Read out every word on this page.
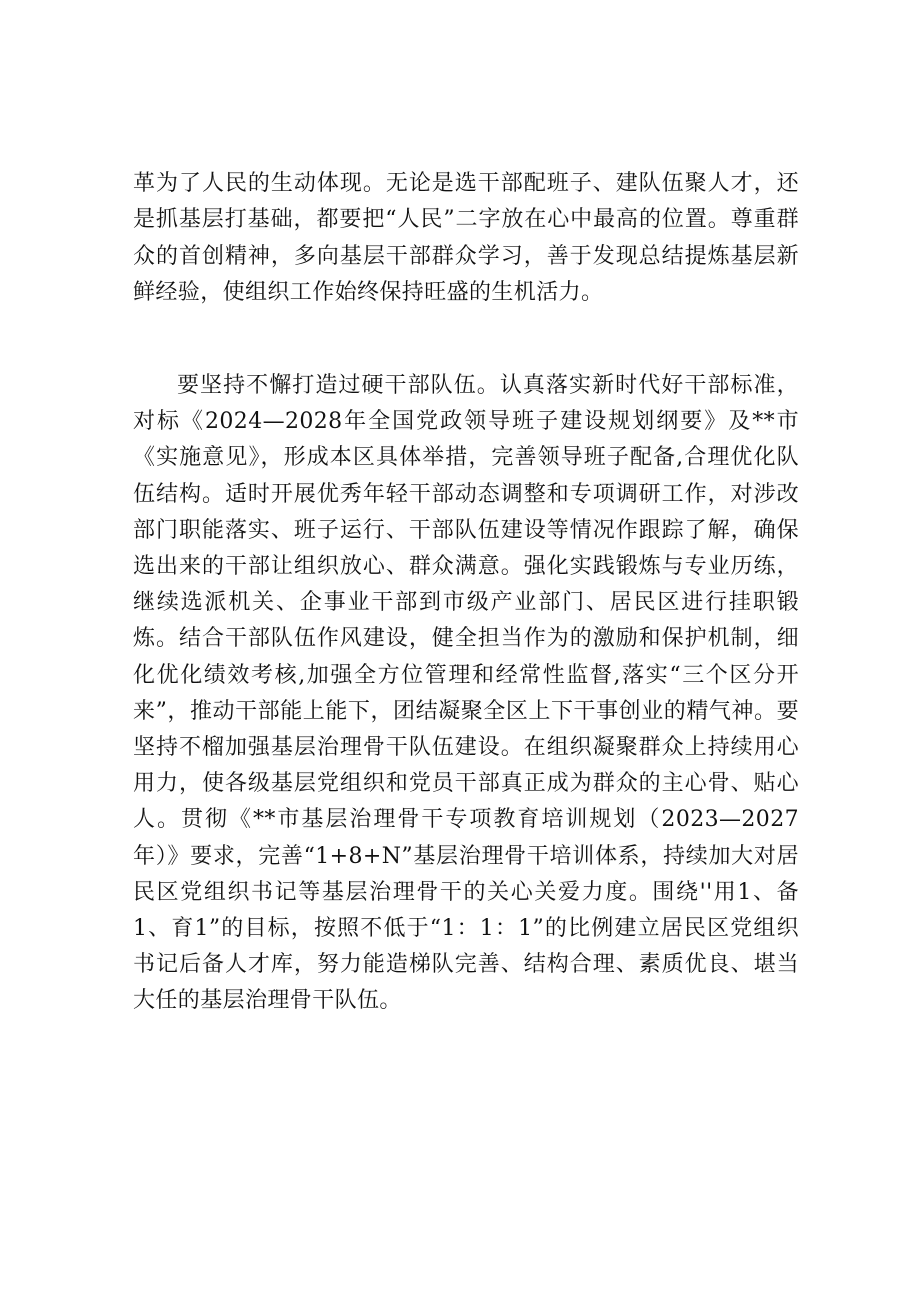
革为了人民的生动体现。无论是选干部配班子、建队伍聚人才，还是抓基层打基础，都要把“人民”二字放在心中最高的位置。尊重群众的首创精神，多向基层干部群众学习，善于发现总结提炼基层新鲜经验，使组织工作始终保持旺盛的生机活力。

要坚持不懈打造过硬干部队伍。认真落实新时代好干部标准，对标《2024—2028年全国党政领导班子建设规划纲要》及**市《实施意见》，形成本区具体举措，完善领导班子配备,合理优化队伍结构。适时开展优秀年轻干部动态调整和专项调研工作，对涉改部门职能落实、班子运行、干部队伍建设等情况作跟踪了解，确保选出来的干部让组织放心、群众满意。强化实践锻炼与专业历练，继续选派机关、企事业干部到市级产业部门、居民区进行挂职锻炼。结合干部队伍作风建设，健全担当作为的激励和保护机制，细化优化绩效考核,加强全方位管理和经常性监督,落实“三个区分开来”，推动干部能上能下，团结凝聚全区上下干事创业的精气神。要坚持不榴加强基层治理骨干队伍建设。在组织凝聚群众上持续用心用力，使各级基层党组织和党员干部真正成为群众的主心骨、贴心人。贯彻《**市基层治理骨干专项教育培训规划（2023—2027年）》要求，完善“1+8+N”基层治理骨干培训体系，持续加大对居民区党组织书记等基层治理骨干的关心关爱力度。围绕''用1、备1、育1”的目标，按照不低于“1：1：1”的比例建立居民区党组织书记后备人才库，努力能造梯队完善、结构合理、素质优良、堪当大任的基层治理骨干队伍。
